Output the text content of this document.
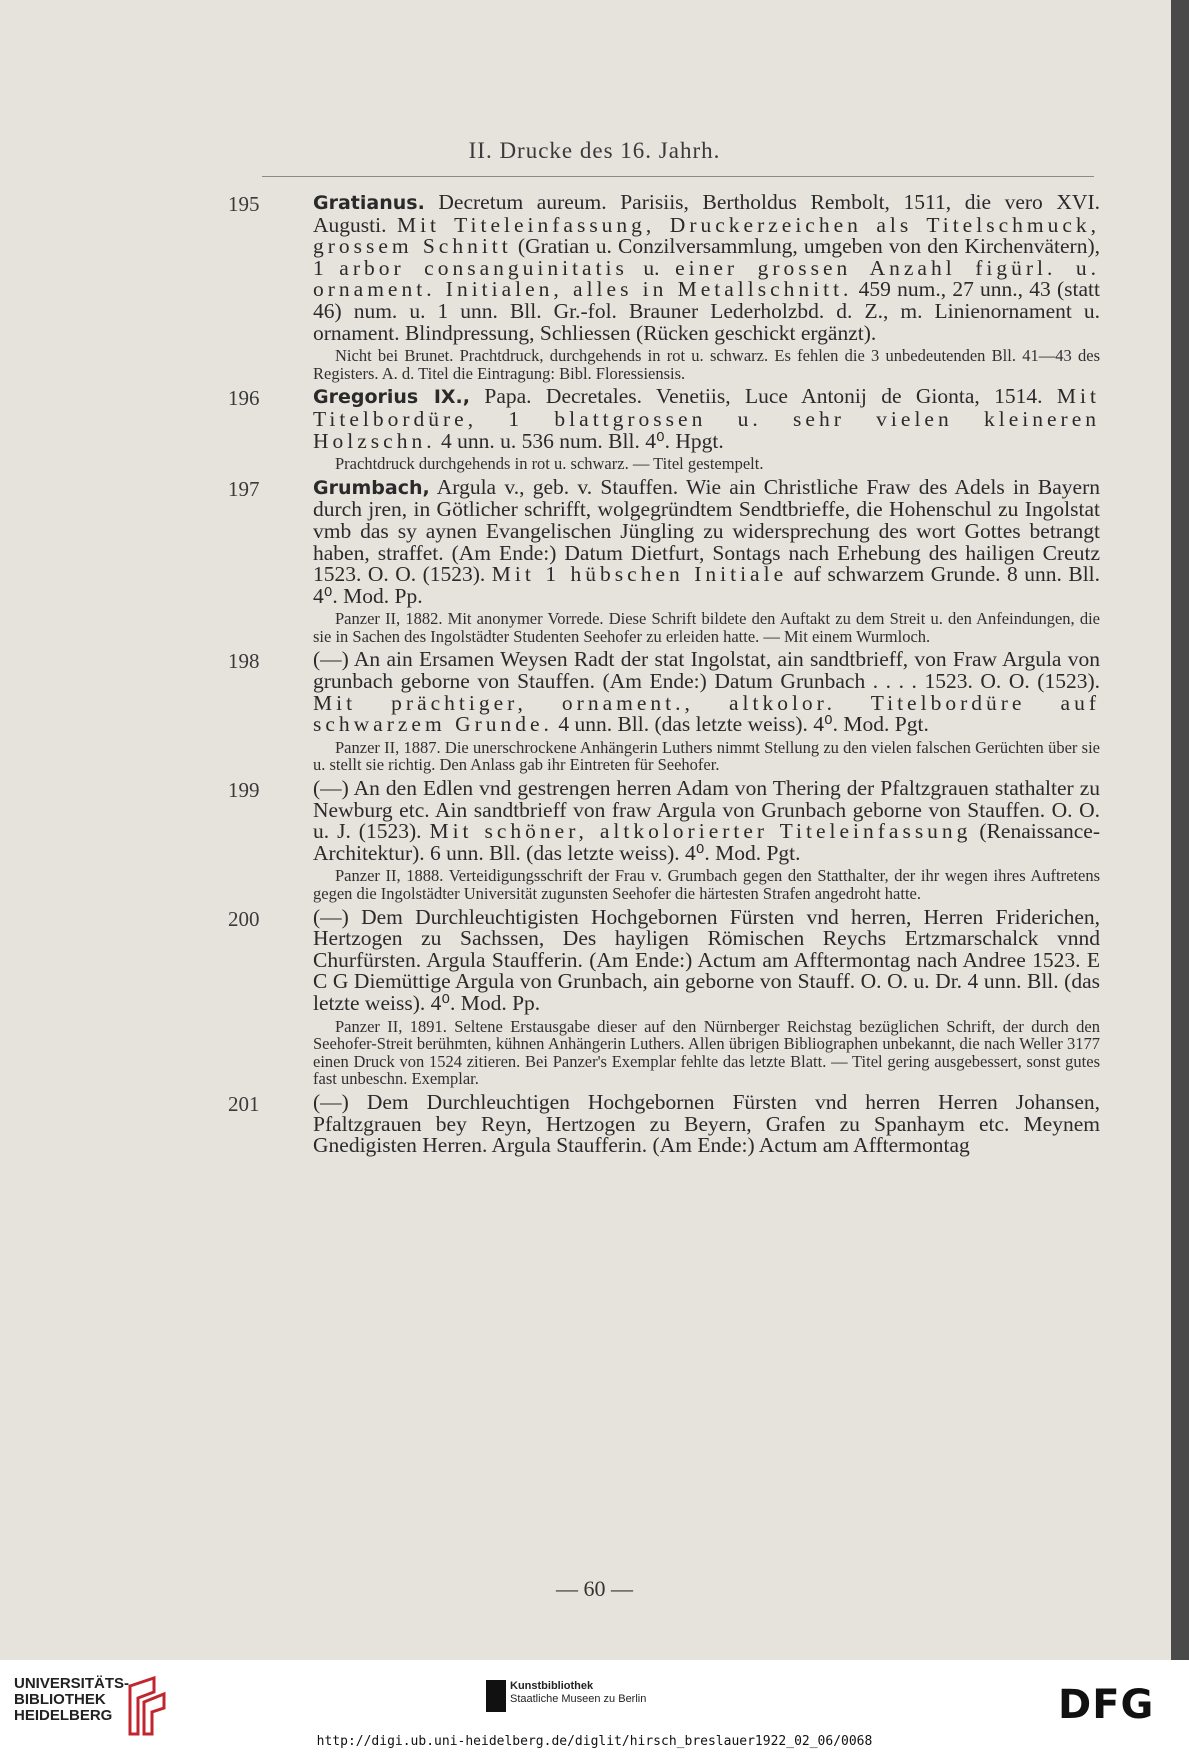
II. Drucke des 16. Jahrh.
195	Gratianus. Decretum aureum. Parisiis, Bertholdus Rembolt, 1511, die vero XVI. Augusti. Mit Titeleinfassung, Druckerzeichen als Titelschmuck, grossem Schnitt (Gratian u. Conzilversammlung, umgeben von den Kirchenvätern), 1 arbor consanguinitatis u. einer grossen Anzahl figürl. u. ornament. Initialen, alles in Metallschnitt. 459 num., 27 unn., 43 (statt 46) num. u. 1 unn. Bll. Gr.-fol. Brauner Lederholzbd. d. Z., m. Linienornament u. ornament. Blindpressung, Schliessen (Rücken geschickt ergänzt).
Nicht bei Brunet. Prachtdruck, durchgehends in rot u. schwarz. Es fehlen die 3 unbedeutenden Bll. 41—43 des Registers. A. d. Titel die Eintragung: Bibl. Floressiensis.
196	Gregorius IX., Papa. Decretales. Venetiis, Luce Antonij de Gionta, 1514. Mit Titelbordüre, 1 blattgrossen u. sehr vielen kleineren Holzschn. 4 unn. u. 536 num. Bll. 4⁰. Hpgt.
Prachtdruck durchgehends in rot u. schwarz. — Titel gestempelt.
197	Grumbach, Argula v., geb. v. Stauffen. Wie ain Christliche Fraw des Adels in Bayern durch jren, in Götlicher schrifft, wolgegründtem Sendtbrieffe, die Hohenschul zu Ingolstat vmb das sy aynen Evangelischen Jüngling zu widersprechung des wort Gottes betrangt haben, straffet. (Am Ende:) Datum Dietfurt, Sontags nach Erhebung des hailigen Creutz 1523. O. O. (1523). Mit 1 hübschen Initiale auf schwarzem Grunde. 8 unn. Bll. 4⁰. Mod. Pp.
Panzer II, 1882. Mit anonymer Vorrede. Diese Schrift bildete den Auftakt zu dem Streit u. den Anfeindungen, die sie in Sachen des Ingolstädter Studenten Seehofer zu erleiden hatte. — Mit einem Wurmloch.
198 (—) An ain Ersamen Weysen Radt der stat Ingolstat, ain sandtbrieff, von Fraw Argula von grunbach geborne von Stauffen. (Am Ende:) Datum Grunbach . . . . 1523. O. O. (1523). Mit prächtiger, ornament., altkolor. Titelbordüre auf schwarzem Grunde. 4 unn. Bll. (das letzte weiss). 4⁰. Mod. Pgt.
Panzer II, 1887. Die unerschrockene Anhängerin Luthers nimmt Stellung zu den vielen falschen Gerüchten über sie u. stellt sie richtig. Den Anlass gab ihr Eintreten für Seehofer.
199 (—) An den Edlen vnd gestrengen herren Adam von Thering der Pfaltzgrauen stathalter zu Newburg etc. Ain sandtbrieff von fraw Argula von Grunbach geborne von Stauffen. O. O. u. J. (1523). Mit schöner, altkolorierter Titeleinfassung (Renaissance-Architektur). 6 unn. Bll. (das letzte weiss). 4⁰. Mod. Pgt.
Panzer II, 1888. Verteidigungsschrift der Frau v. Grumbach gegen den Statthalter, der ihr wegen ihres Auftretens gegen die Ingolstädter Universität zugunsten Seehofer die härtesten Strafen angedroht hatte.
200 (—) Dem Durchleuchtigisten Hochgebornen Fürsten vnd herren, Herren Friderichen, Hertzogen zu Sachssen, Des hayligen Römischen Reychs Ertzmarschalck vnnd Churfürsten. Argula Staufferin. (Am Ende:) Actum am Afftermontag nach Andree 1523. E C G Diemüttige Argula von Grunbach, ain geborne von Stauff. O. O. u. Dr. 4 unn. Bll. (das letzte weiss). 4⁰. Mod. Pp.
Panzer II, 1891. Seltene Erstausgabe dieser auf den Nürnberger Reichstag bezüglichen Schrift, der durch den Seehofer-Streit berühmten, kühnen Anhängerin Luthers. Allen übrigen Bibliographen unbekannt, die nach Weller 3177 einen Druck von 1524 zitieren. Bei Panzer's Exemplar fehlte das letzte Blatt. — Titel gering ausgebessert, sonst gutes fast unbeschn. Exemplar.
201 (—) Dem Durchleuchtigen Hochgebornen Fürsten vnd herren Herren Johansen, Pfaltzgrauen bey Reyn, Hertzogen zu Beyern, Grafen zu Spanhaym etc. Meynem Gnedigisten Herren. Argula Staufferin. (Am Ende:) Actum am Afftermontag
— 60 —
UNIVERSITÄTS-
BIBLIOTHEK
HEIDELBERG
Kunstbibliothek
Staatliche Museen zu Berlin	DFG
http://digi.ub.uni-heidelberg.de/diglit/hirsch_breslauer1922_02_06/0068
